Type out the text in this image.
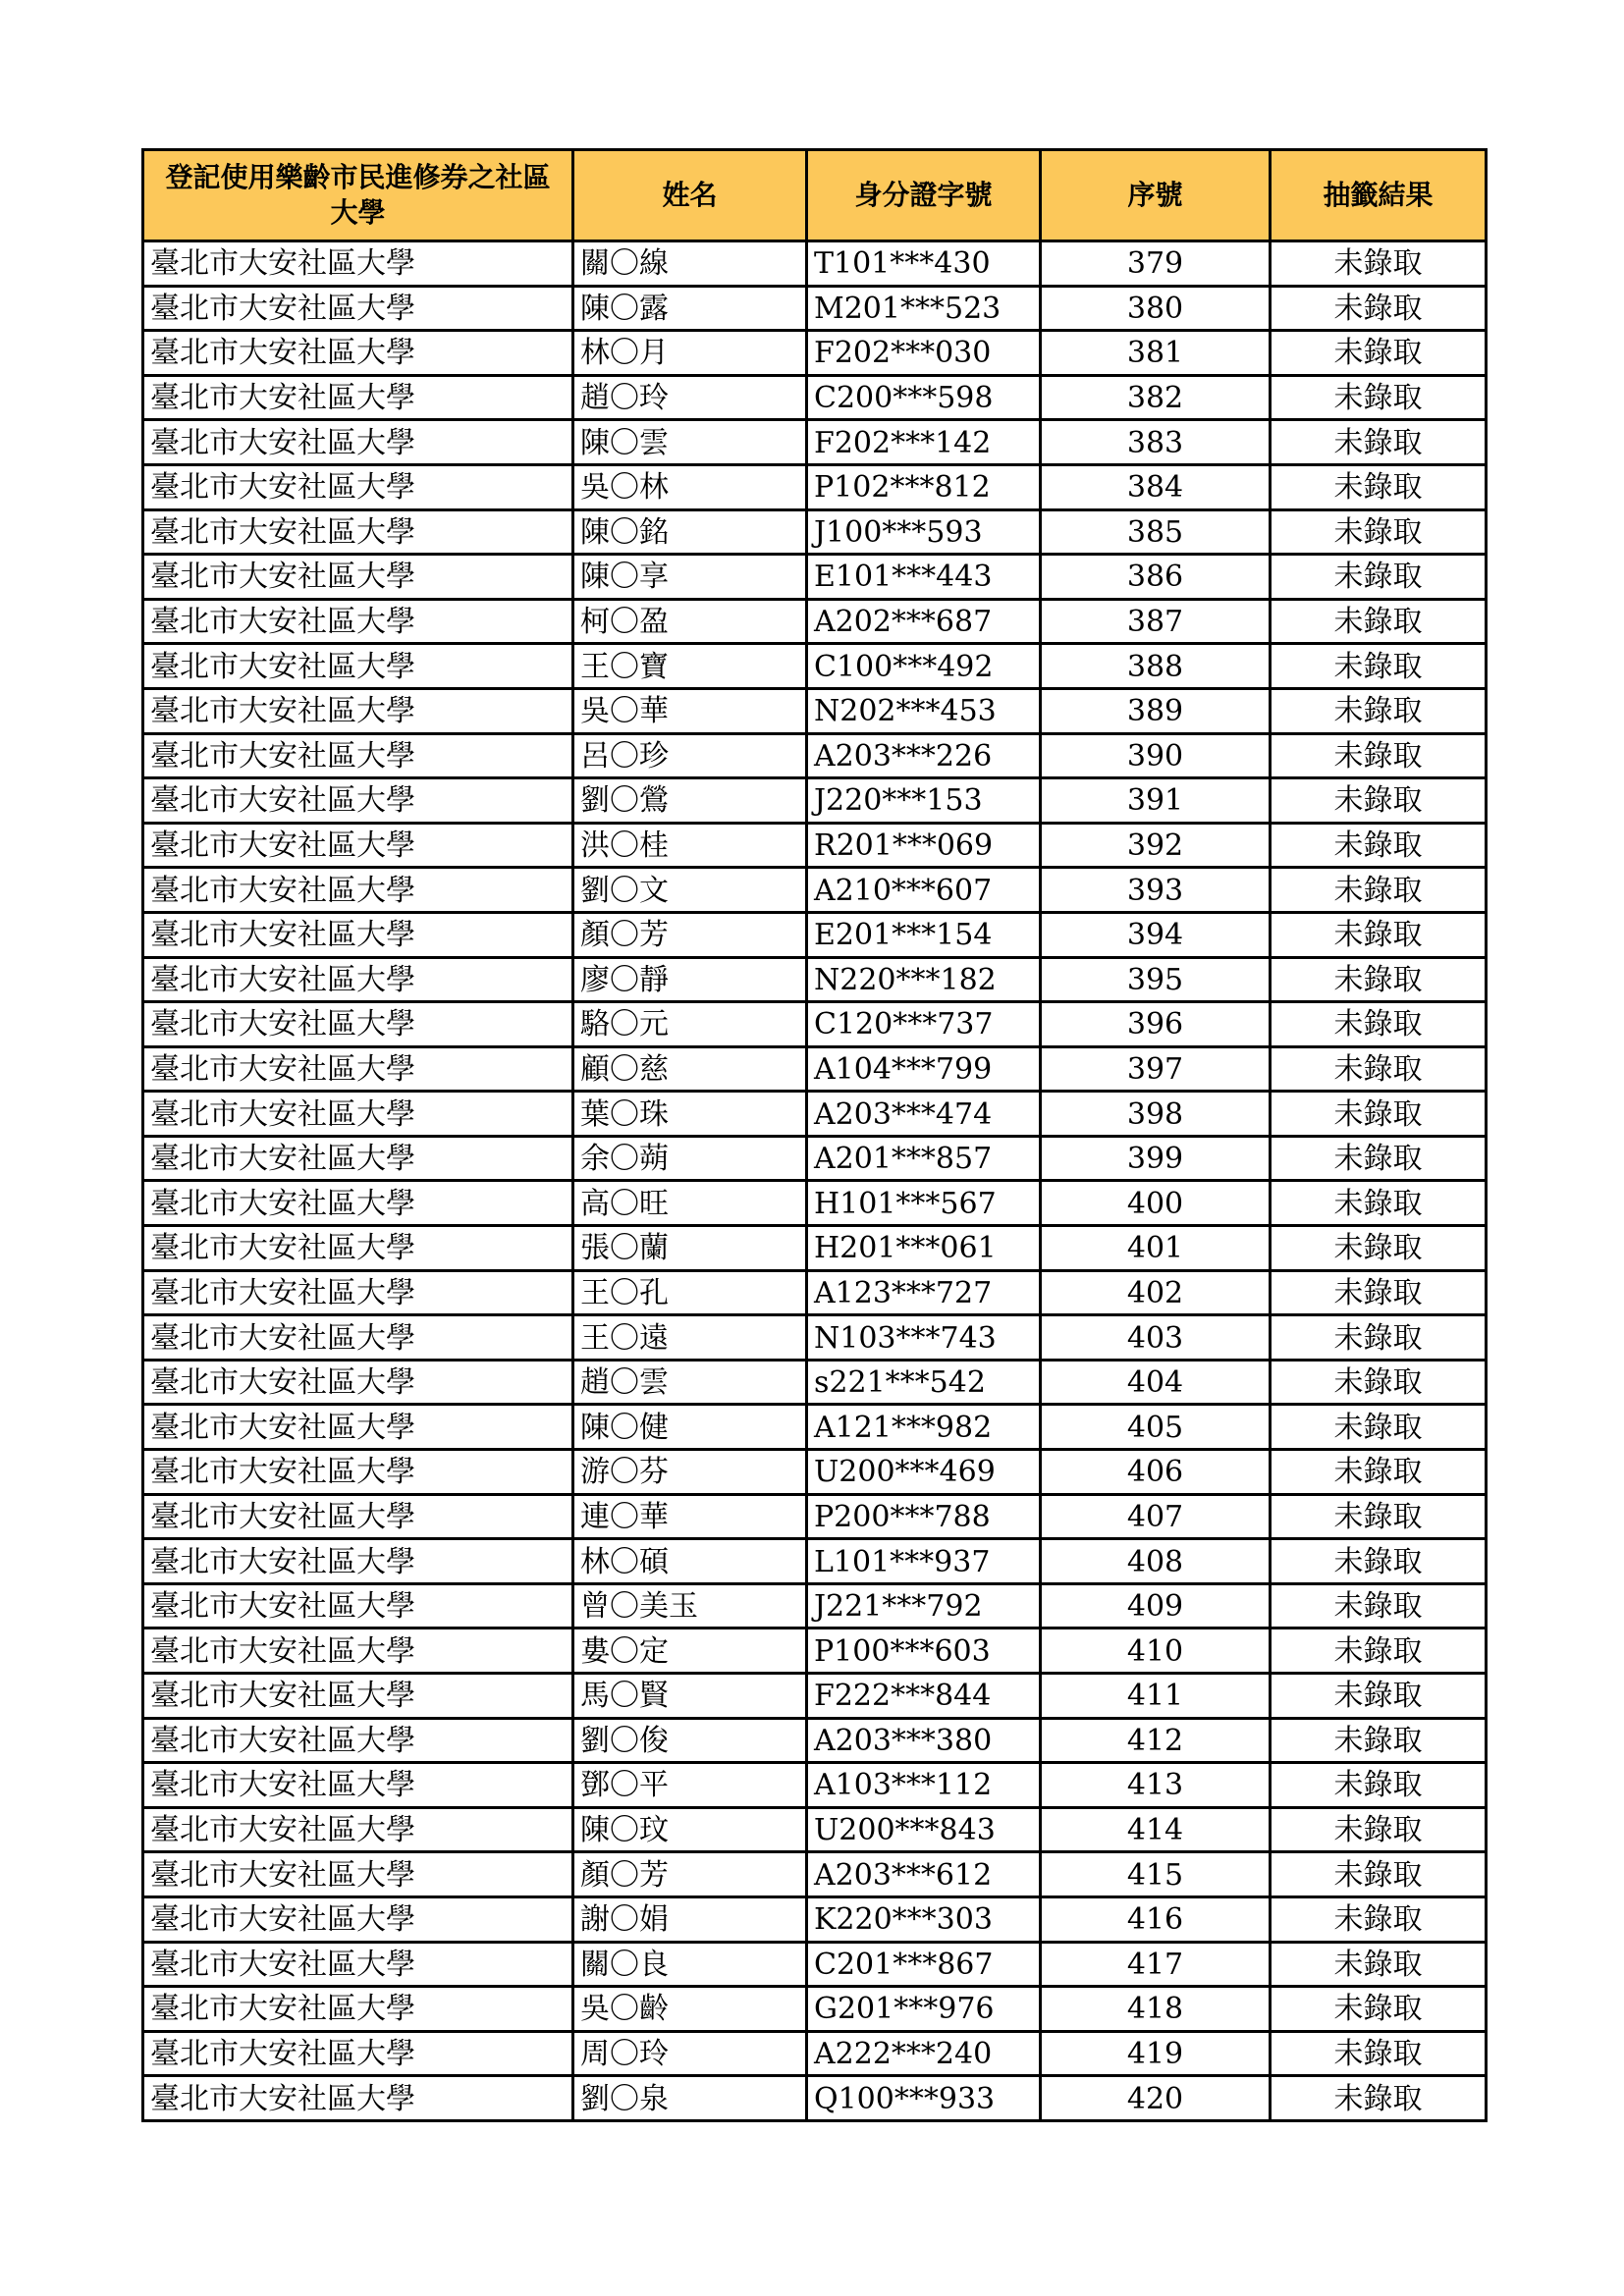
登記使用樂齡市民進修券之社區大學	姓名	身分證字號	序號	抽籤結果
臺北市大安社區大學	關〇線	T101***430	379	未錄取
臺北市大安社區大學	陳〇露	M201***523	380	未錄取
臺北市大安社區大學	林〇月	F202***030	381	未錄取
臺北市大安社區大學	趙〇玲	C200***598	382	未錄取
臺北市大安社區大學	陳〇雲	F202***142	383	未錄取
臺北市大安社區大學	吳〇林	P102***812	384	未錄取
臺北市大安社區大學	陳〇銘	J100***593	385	未錄取
臺北市大安社區大學	陳〇享	E101***443	386	未錄取
臺北市大安社區大學	柯〇盈	A202***687	387	未錄取
臺北市大安社區大學	王〇寶	C100***492	388	未錄取
臺北市大安社區大學	吳〇華	N202***453	389	未錄取
臺北市大安社區大學	呂〇珍	A203***226	390	未錄取
臺北市大安社區大學	劉〇鶯	J220***153	391	未錄取
臺北市大安社區大學	洪〇桂	R201***069	392	未錄取
臺北市大安社區大學	劉〇文	A210***607	393	未錄取
臺北市大安社區大學	顏〇芳	E201***154	394	未錄取
臺北市大安社區大學	廖〇靜	N220***182	395	未錄取
臺北市大安社區大學	駱〇元	C120***737	396	未錄取
臺北市大安社區大學	顧〇慈	A104***799	397	未錄取
臺北市大安社區大學	葉〇珠	A203***474	398	未錄取
臺北市大安社區大學	余〇蒴	A201***857	399	未錄取
臺北市大安社區大學	高〇旺	H101***567	400	未錄取
臺北市大安社區大學	張〇蘭	H201***061	401	未錄取
臺北市大安社區大學	王〇孔	A123***727	402	未錄取
臺北市大安社區大學	王〇遠	N103***743	403	未錄取
臺北市大安社區大學	趙〇雲	s221***542	404	未錄取
臺北市大安社區大學	陳〇健	A121***982	405	未錄取
臺北市大安社區大學	游〇芬	U200***469	406	未錄取
臺北市大安社區大學	連〇華	P200***788	407	未錄取
臺北市大安社區大學	林〇碩	L101***937	408	未錄取
臺北市大安社區大學	曾〇美玉	J221***792	409	未錄取
臺北市大安社區大學	婁〇定	P100***603	410	未錄取
臺北市大安社區大學	馬〇賢	F222***844	411	未錄取
臺北市大安社區大學	劉〇俊	A203***380	412	未錄取
臺北市大安社區大學	鄧〇平	A103***112	413	未錄取
臺北市大安社區大學	陳〇玟	U200***843	414	未錄取
臺北市大安社區大學	顏〇芳	A203***612	415	未錄取
臺北市大安社區大學	謝〇娟	K220***303	416	未錄取
臺北市大安社區大學	關〇良	C201***867	417	未錄取
臺北市大安社區大學	吳〇齡	G201***976	418	未錄取
臺北市大安社區大學	周〇玲	A222***240	419	未錄取
臺北市大安社區大學	劉〇泉	Q100***933	420	未錄取
